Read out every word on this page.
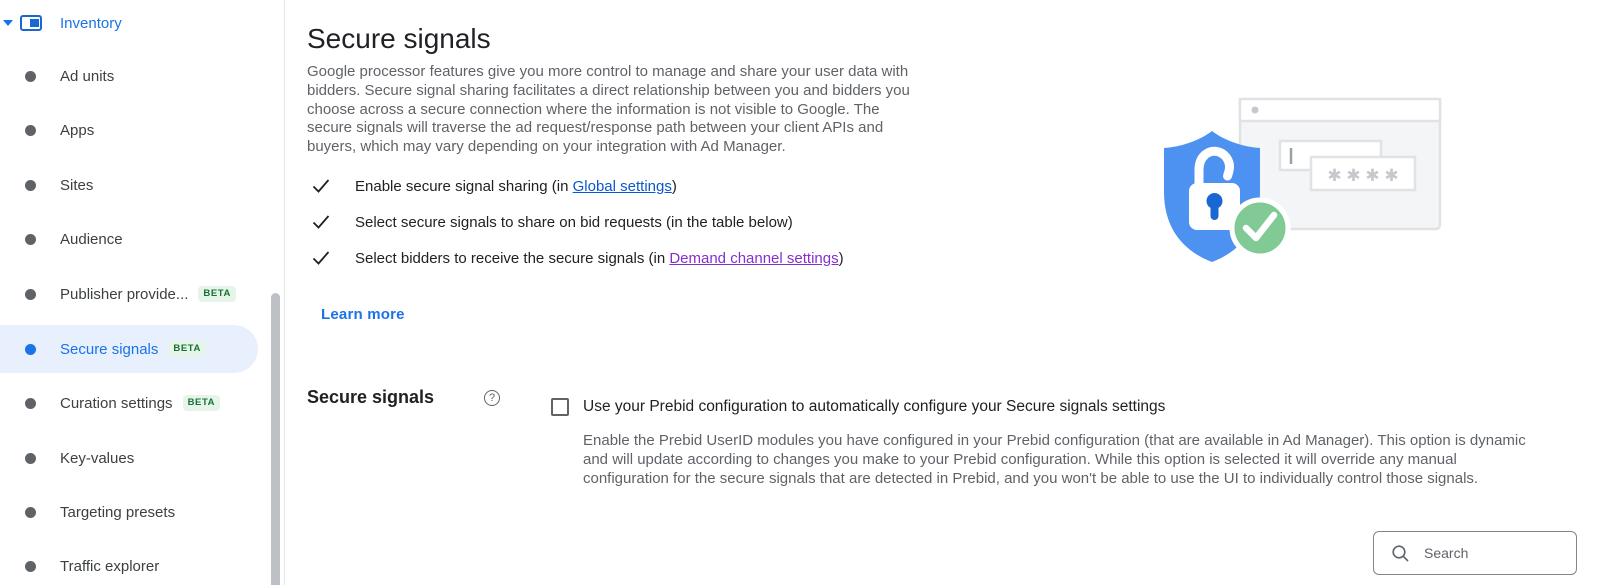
Inventory
Ad units
Apps
Sites
Audience
Publisher provide...	BETA
Secure signals	BETA
Curation settings	BETA
Key-values
Targeting presets
Traffic explorer
Secure signals
Google processor features give you more control to manage and share your user data with bidders. Secure signal sharing facilitates a direct relationship between you and bidders you choose across a secure connection where the information is not visible to Google. The secure signals will traverse the ad request/response path between your client APIs and buyers, which may vary depending on your integration with Ad Manager.
Enable secure signal sharing (in Global settings)
Select secure signals to share on bid requests (in the table below)
Select bidders to receive the secure signals (in Demand channel settings)
Learn more
Secure signals	?	Use your Prebid configuration to automatically configure your Secure signals settings
Enable the Prebid UserID modules you have configured in your Prebid configuration (that are available in Ad Manager). This option is dynamic and will update according to changes you make to your Prebid configuration. While this option is selected it will override any manual configuration for the secure signals that are detected in Prebid, and you won't be able to use the UI to individually control those signals.
Search
✱ ✱ ✱ ✱
